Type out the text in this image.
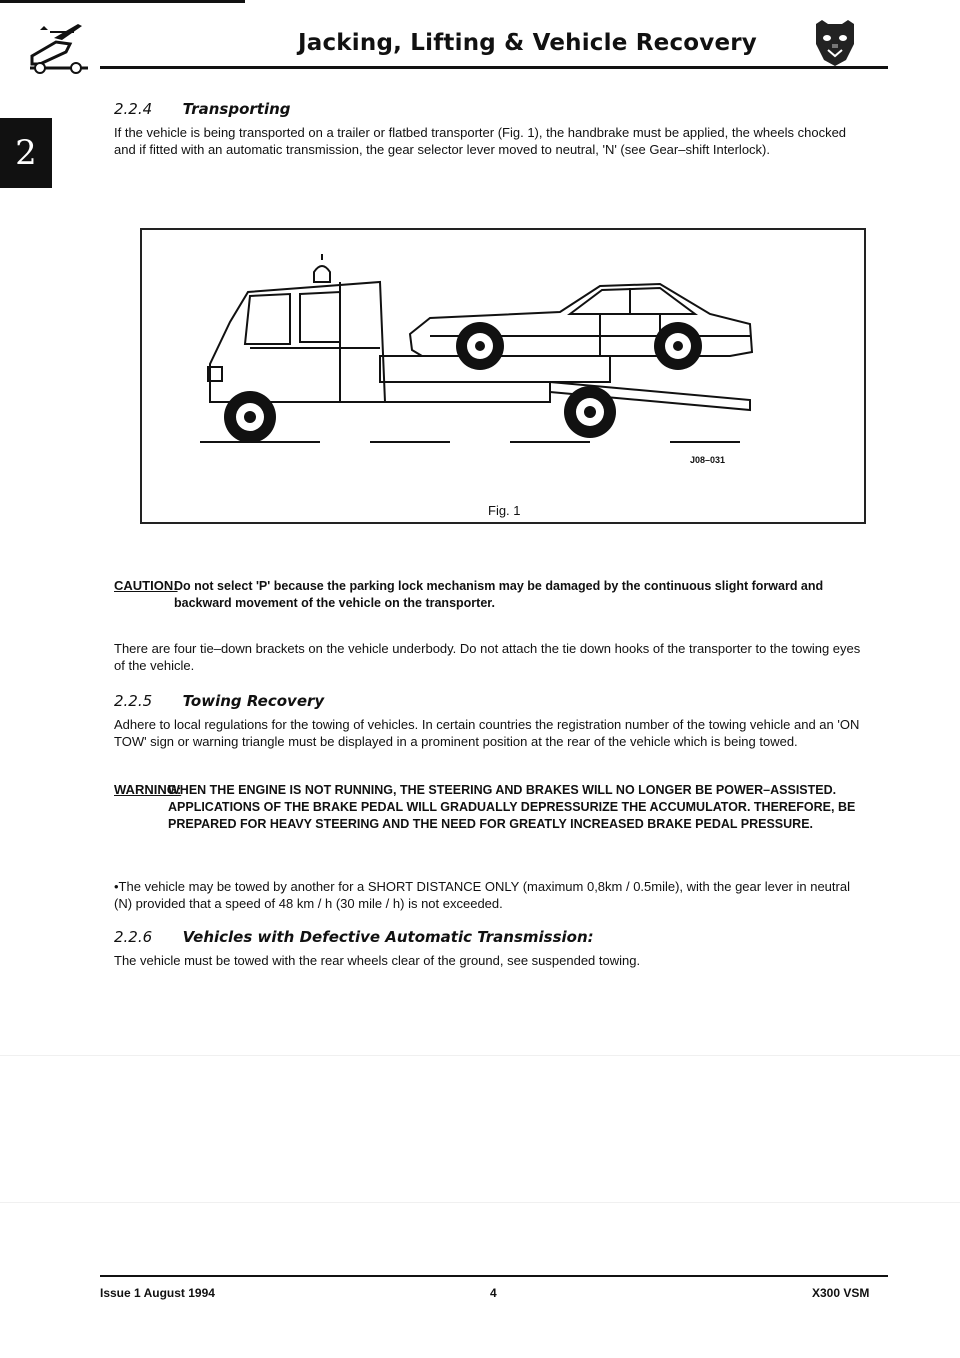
Jacking, Lifting & Vehicle Recovery
2
2.2.4 Transporting
If the vehicle is being transported on a trailer or flatbed transporter (Fig. 1), the handbrake must be applied, the wheels chocked and if fitted with an automatic transmission, the gear selector lever moved to neutral, 'N' (see Gear–shift Interlock).
J08–031
Fig. 1
CAUTION:
Do not select 'P' because the parking lock mechanism may be damaged by the continuous slight forward and backward movement of the vehicle on the transporter.
There are four tie–down brackets on the vehicle underbody. Do not attach the tie down hooks of the transporter to the towing eyes of the vehicle.
2.2.5 Towing Recovery
Adhere to local regulations for the towing of vehicles. In certain countries the registration number of the towing vehicle and an 'ON TOW' sign or warning triangle must be displayed in a prominent position at the rear of the vehicle which is being towed.
WARNING:
WHEN THE ENGINE IS NOT RUNNING, THE STEERING AND BRAKES WILL NO LONGER BE POWER–ASSISTED. APPLICATIONS OF THE BRAKE PEDAL WILL GRADUALLY DEPRESSURIZE THE ACCUMULATOR. THEREFORE, BE PREPARED FOR HEAVY STEERING AND THE NEED FOR GREATLY INCREASED BRAKE PEDAL PRESSURE.
•The vehicle may be towed by another for a SHORT DISTANCE ONLY (maximum 0,8km / 0.5mile), with the gear lever in neutral (N) provided that a speed of 48 km / h (30 mile / h) is not exceeded.
2.2.6 Vehicles with Defective Automatic Transmission:
The vehicle must be towed with the rear wheels clear of the ground, see suspended towing.
Issue 1 August 1994	4	X300 VSM
